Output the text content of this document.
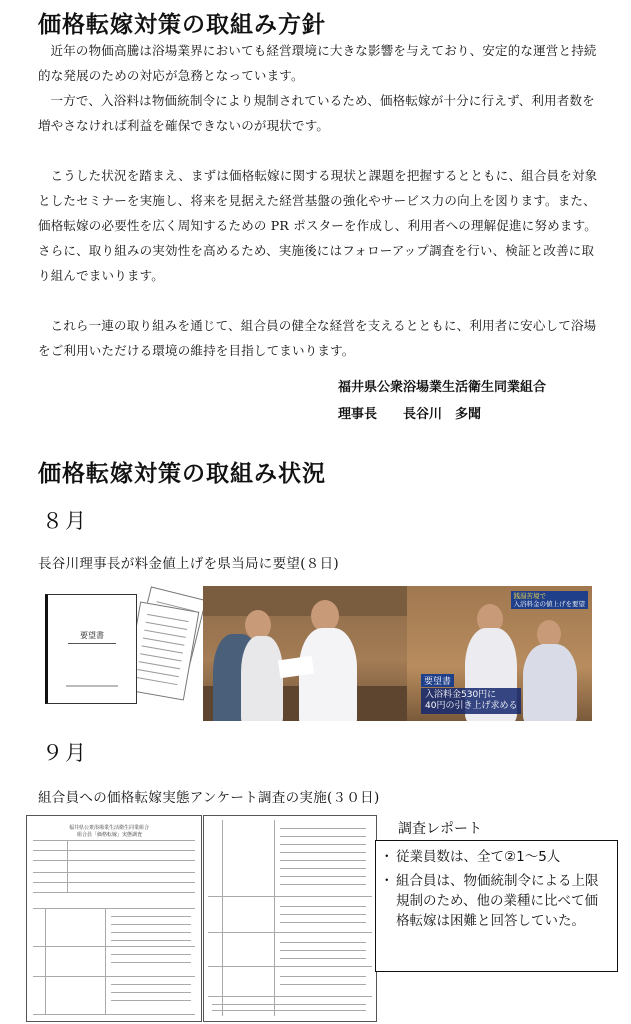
価格転嫁対策の取組み方針

近年の物価高騰は浴場業界においても経営環境に大きな影響を与えており、安定的な運営と持続的な発展のための対応が急務となっています。

一方で、入浴料は物価統制令により規制されているため、価格転嫁が十分に行えず、利用者数を増やさなければ利益を確保できないのが現状です。

こうした状況を踏まえ、まずは価格転嫁に関する現状と課題を把握するとともに、組合員を対象としたセミナーを実施し、将来を見据えた経営基盤の強化やサービス力の向上を図ります。また、価格転嫁の必要性を広く周知するための PR ポスターを作成し、利用者への理解促進に努めます。さらに、取り組みの実効性を高めるため、実施後にはフォローアップ調査を行い、検証と改善に取り組んでまいります。

これら一連の取り組みを通じて、組合員の健全な経営を支えるとともに、利用者に安心して浴場をご利用いただける環境の維持を目指してまいります。

福井県公衆浴場業生活衛生同業組合
理事長　　長谷川　多聞
価格転嫁対策の取組み状況
８月
長谷川理事長が料金値上げを県当局に要望(８日)
要望書
銭湯苦境で
入浴料金の値上げを要望
要望書
入浴料金530円に
40円の引き上げ求める
９月
組合員への価格転嫁実態アンケート調査の実施(３０日)
福井県公衆浴場業生活衛生同業組合
組合員「価格転嫁」実態調査	調査レポート
・ 従業員数は、全て②1〜5人
・ 組合員は、物価統制令による上限規制のため、他の業種に比べて価格転嫁は困難と回答していた。
